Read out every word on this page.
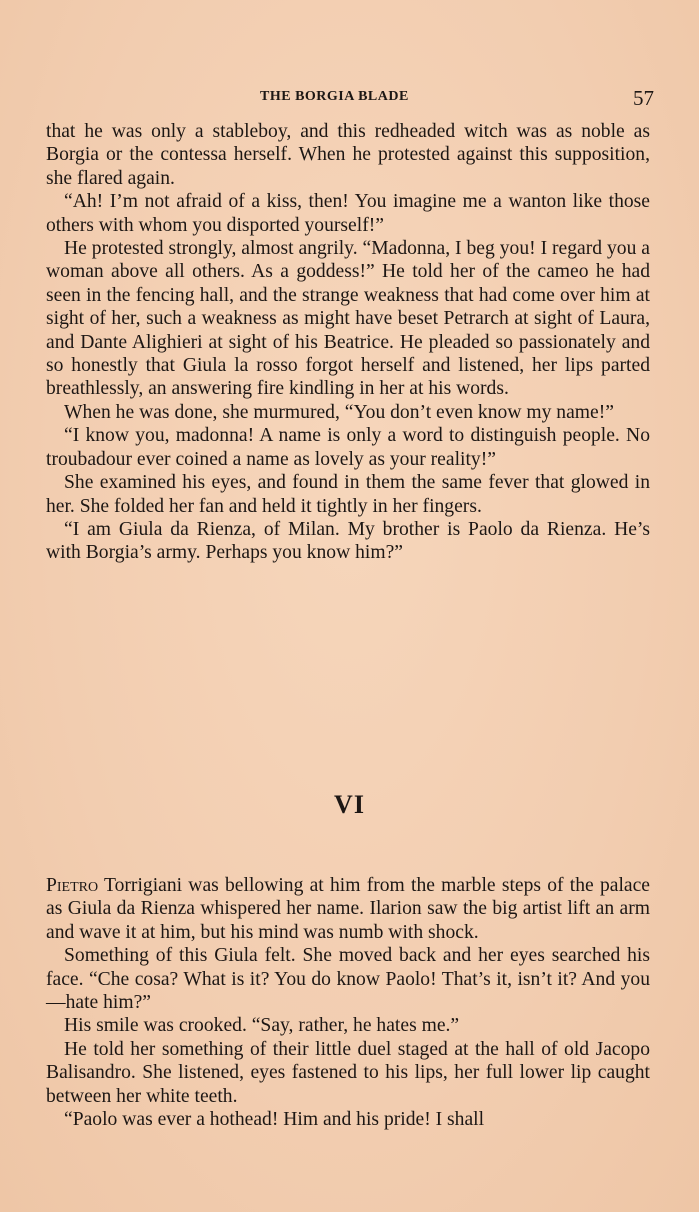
THE BORGIA BLADE	57

that he was only a stableboy, and this redheaded witch was as noble as Borgia or the contessa herself. When he protested against this supposition, she flared again.

“Ah! I’m not afraid of a kiss, then! You imagine me a wanton like those others with whom you disported yourself!”

He protested strongly, almost angrily. “Madonna, I beg you! I regard you a woman above all others. As a goddess!” He told her of the cameo he had seen in the fencing hall, and the strange weakness that had come over him at sight of her, such a weakness as might have beset Petrarch at sight of Laura, and Dante Alighieri at sight of his Beatrice. He pleaded so passionately and so honestly that Giula la rosso forgot herself and listened, her lips parted breathlessly, an answering fire kindling in her at his words.

When he was done, she murmured, “You don’t even know my name!”

“I know you, madonna! A name is only a word to distinguish people. No troubadour ever coined a name as lovely as your reality!”

She examined his eyes, and found in them the same fever that glowed in her. She folded her fan and held it tightly in her fingers.

“I am Giula da Rienza, of Milan. My brother is Paolo da Rienza. He’s with Borgia’s army. Perhaps you know him?”

VI

Pietro Torrigiani was bellowing at him from the marble steps of the palace as Giula da Rienza whispered her name. Ilarion saw the big artist lift an arm and wave it at him, but his mind was numb with shock.

Something of this Giula felt. She moved back and her eyes searched his face. “Che cosa? What is it? You do know Paolo! That’s it, isn’t it? And you—hate him?”

His smile was crooked. “Say, rather, he hates me.”

He told her something of their little duel staged at the hall of old Jacopo Balisandro. She listened, eyes fastened to his lips, her full lower lip caught between her white teeth.

“Paolo was ever a hothead! Him and his pride! I shall
